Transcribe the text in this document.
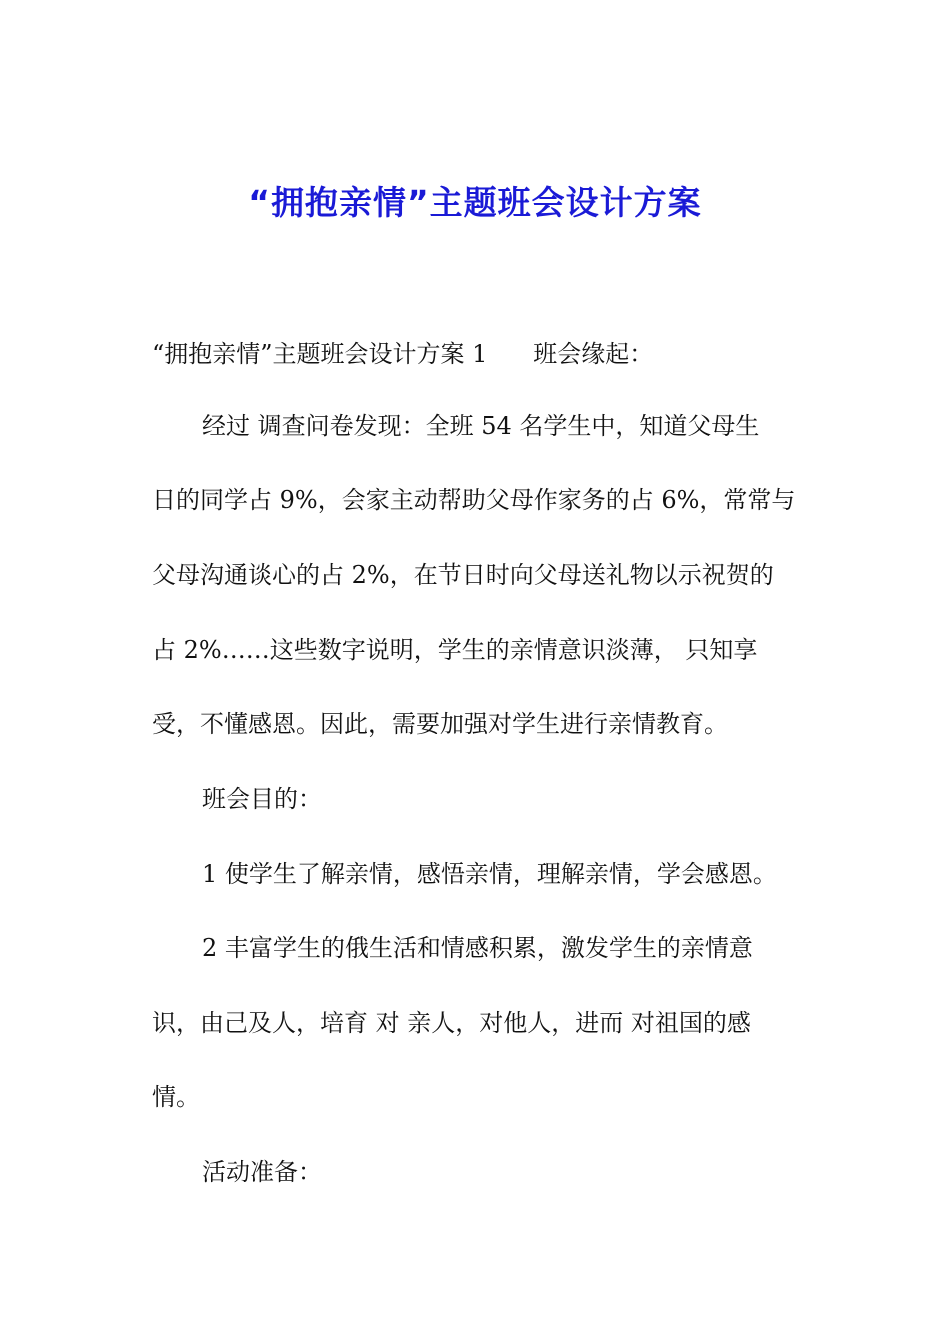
“拥抱亲情”主题班会设计方案

“拥抱亲情”主题班会设计方案 1      班会缘起：

经过 调查问卷发现：全班 54 名学生中，知道父母生

日的同学占 9%，会家主动帮助父母作家务的占 6%，常常与

父母沟通谈心的占 2%，在节日时向父母送礼物以示祝贺的

占 2%……这些数字说明，学生的亲情意识淡薄， 只知享

受，不懂感恩。因此，需要加强对学生进行亲情教育。

班会目的：

1 使学生了解亲情，感悟亲情，理解亲情，学会感恩。

2 丰富学生的俄生活和情感积累，激发学生的亲情意

识，由己及人，培育 对 亲人，对他人，进而 对祖国的感

情。

活动准备：
